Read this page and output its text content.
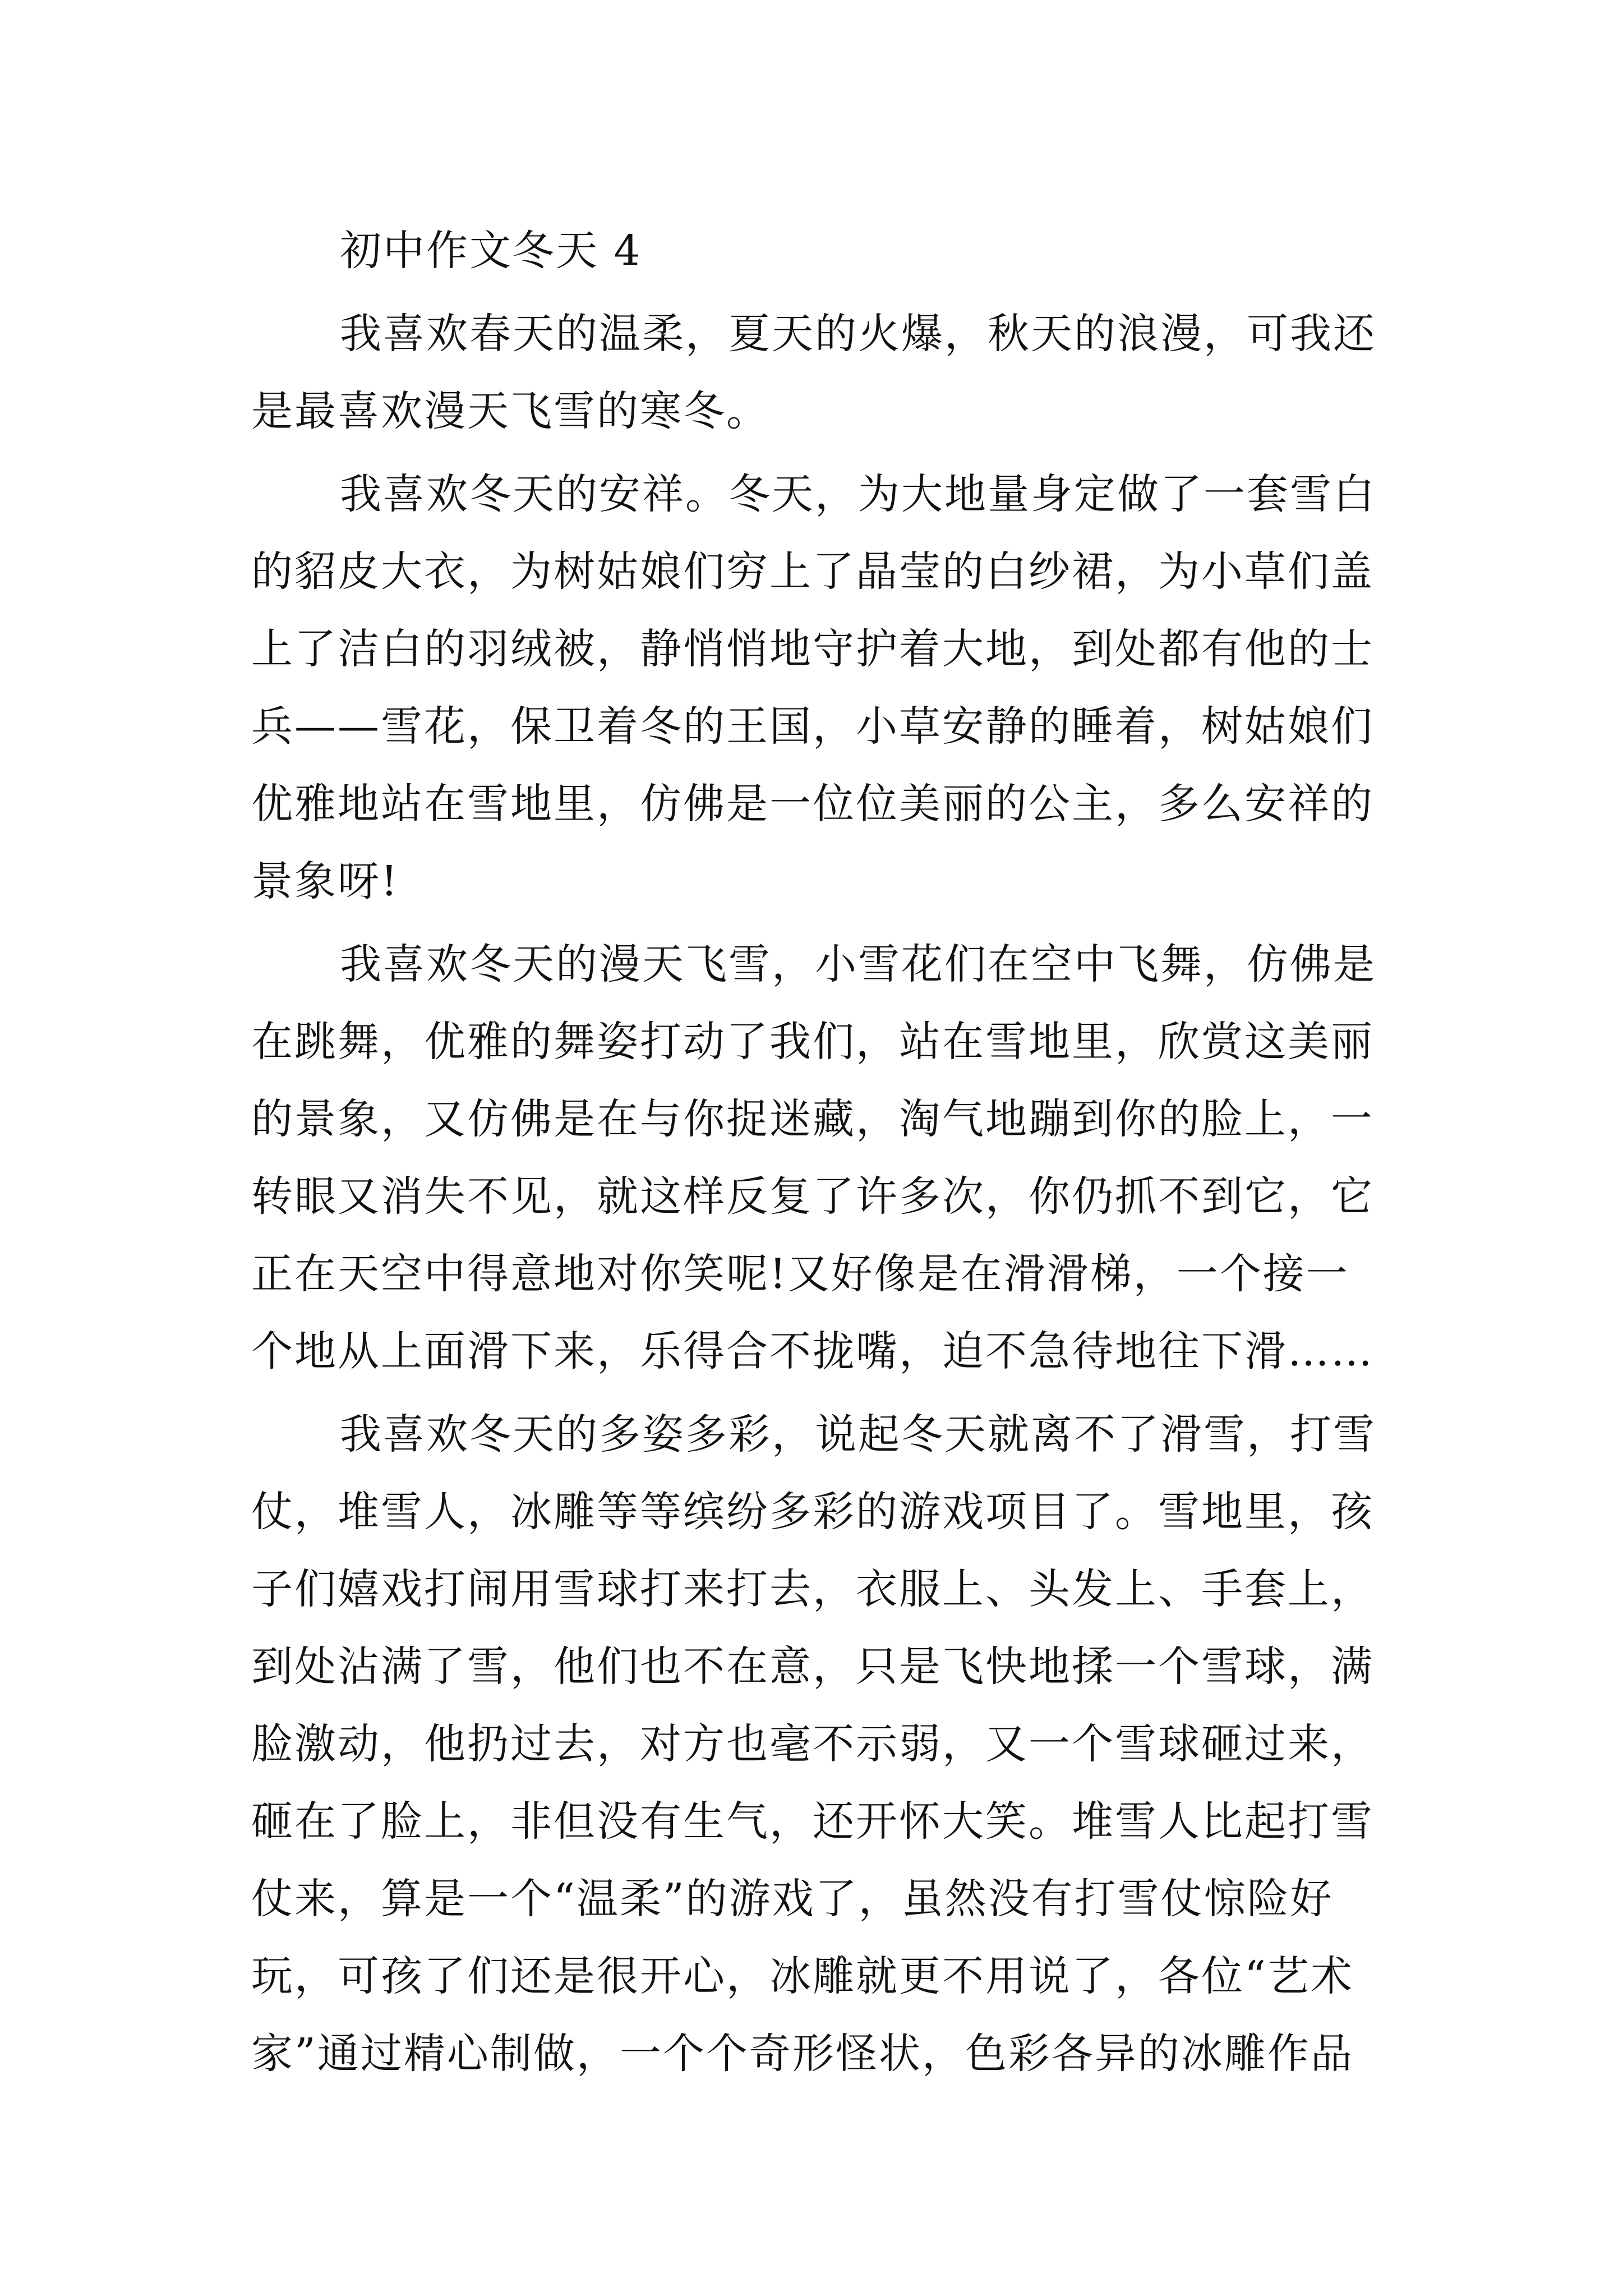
初中作文冬天 4
我喜欢春天的温柔，夏天的火爆，秋天的浪漫，可我还
是最喜欢漫天飞雪的寒冬。
我喜欢冬天的安祥。冬天，为大地量身定做了一套雪白
的貂皮大衣，为树姑娘们穷上了晶莹的白纱裙，为小草们盖
上了洁白的羽绒被，静悄悄地守护着大地，到处都有他的士
兵——雪花，保卫着冬的王国，小草安静的睡着，树姑娘们
优雅地站在雪地里，仿佛是一位位美丽的公主，多么安祥的
景象呀!
我喜欢冬天的漫天飞雪，小雪花们在空中飞舞，仿佛是
在跳舞，优雅的舞姿打动了我们，站在雪地里，欣赏这美丽
的景象，又仿佛是在与你捉迷藏，淘气地蹦到你的脸上，一
转眼又消失不见，就这样反复了许多次，你仍抓不到它，它
正在天空中得意地对你笑呢!又好像是在滑滑梯，一个接一
个地从上面滑下来，乐得合不拢嘴，迫不急待地往下滑……
我喜欢冬天的多姿多彩，说起冬天就离不了滑雪，打雪
仗，堆雪人，冰雕等等缤纷多彩的游戏项目了。雪地里，孩
子们嬉戏打闹用雪球打来打去，衣服上、头发上、手套上，
到处沾满了雪，他们也不在意，只是飞快地揉一个雪球，满
脸激动，他扔过去，对方也毫不示弱，又一个雪球砸过来，
砸在了脸上，非但没有生气，还开怀大笑。堆雪人比起打雪
仗来，算是一个“温柔”的游戏了，虽然没有打雪仗惊险好
玩，可孩了们还是很开心，冰雕就更不用说了，各位“艺术
家”通过精心制做，一个个奇形怪状，色彩各异的冰雕作品
